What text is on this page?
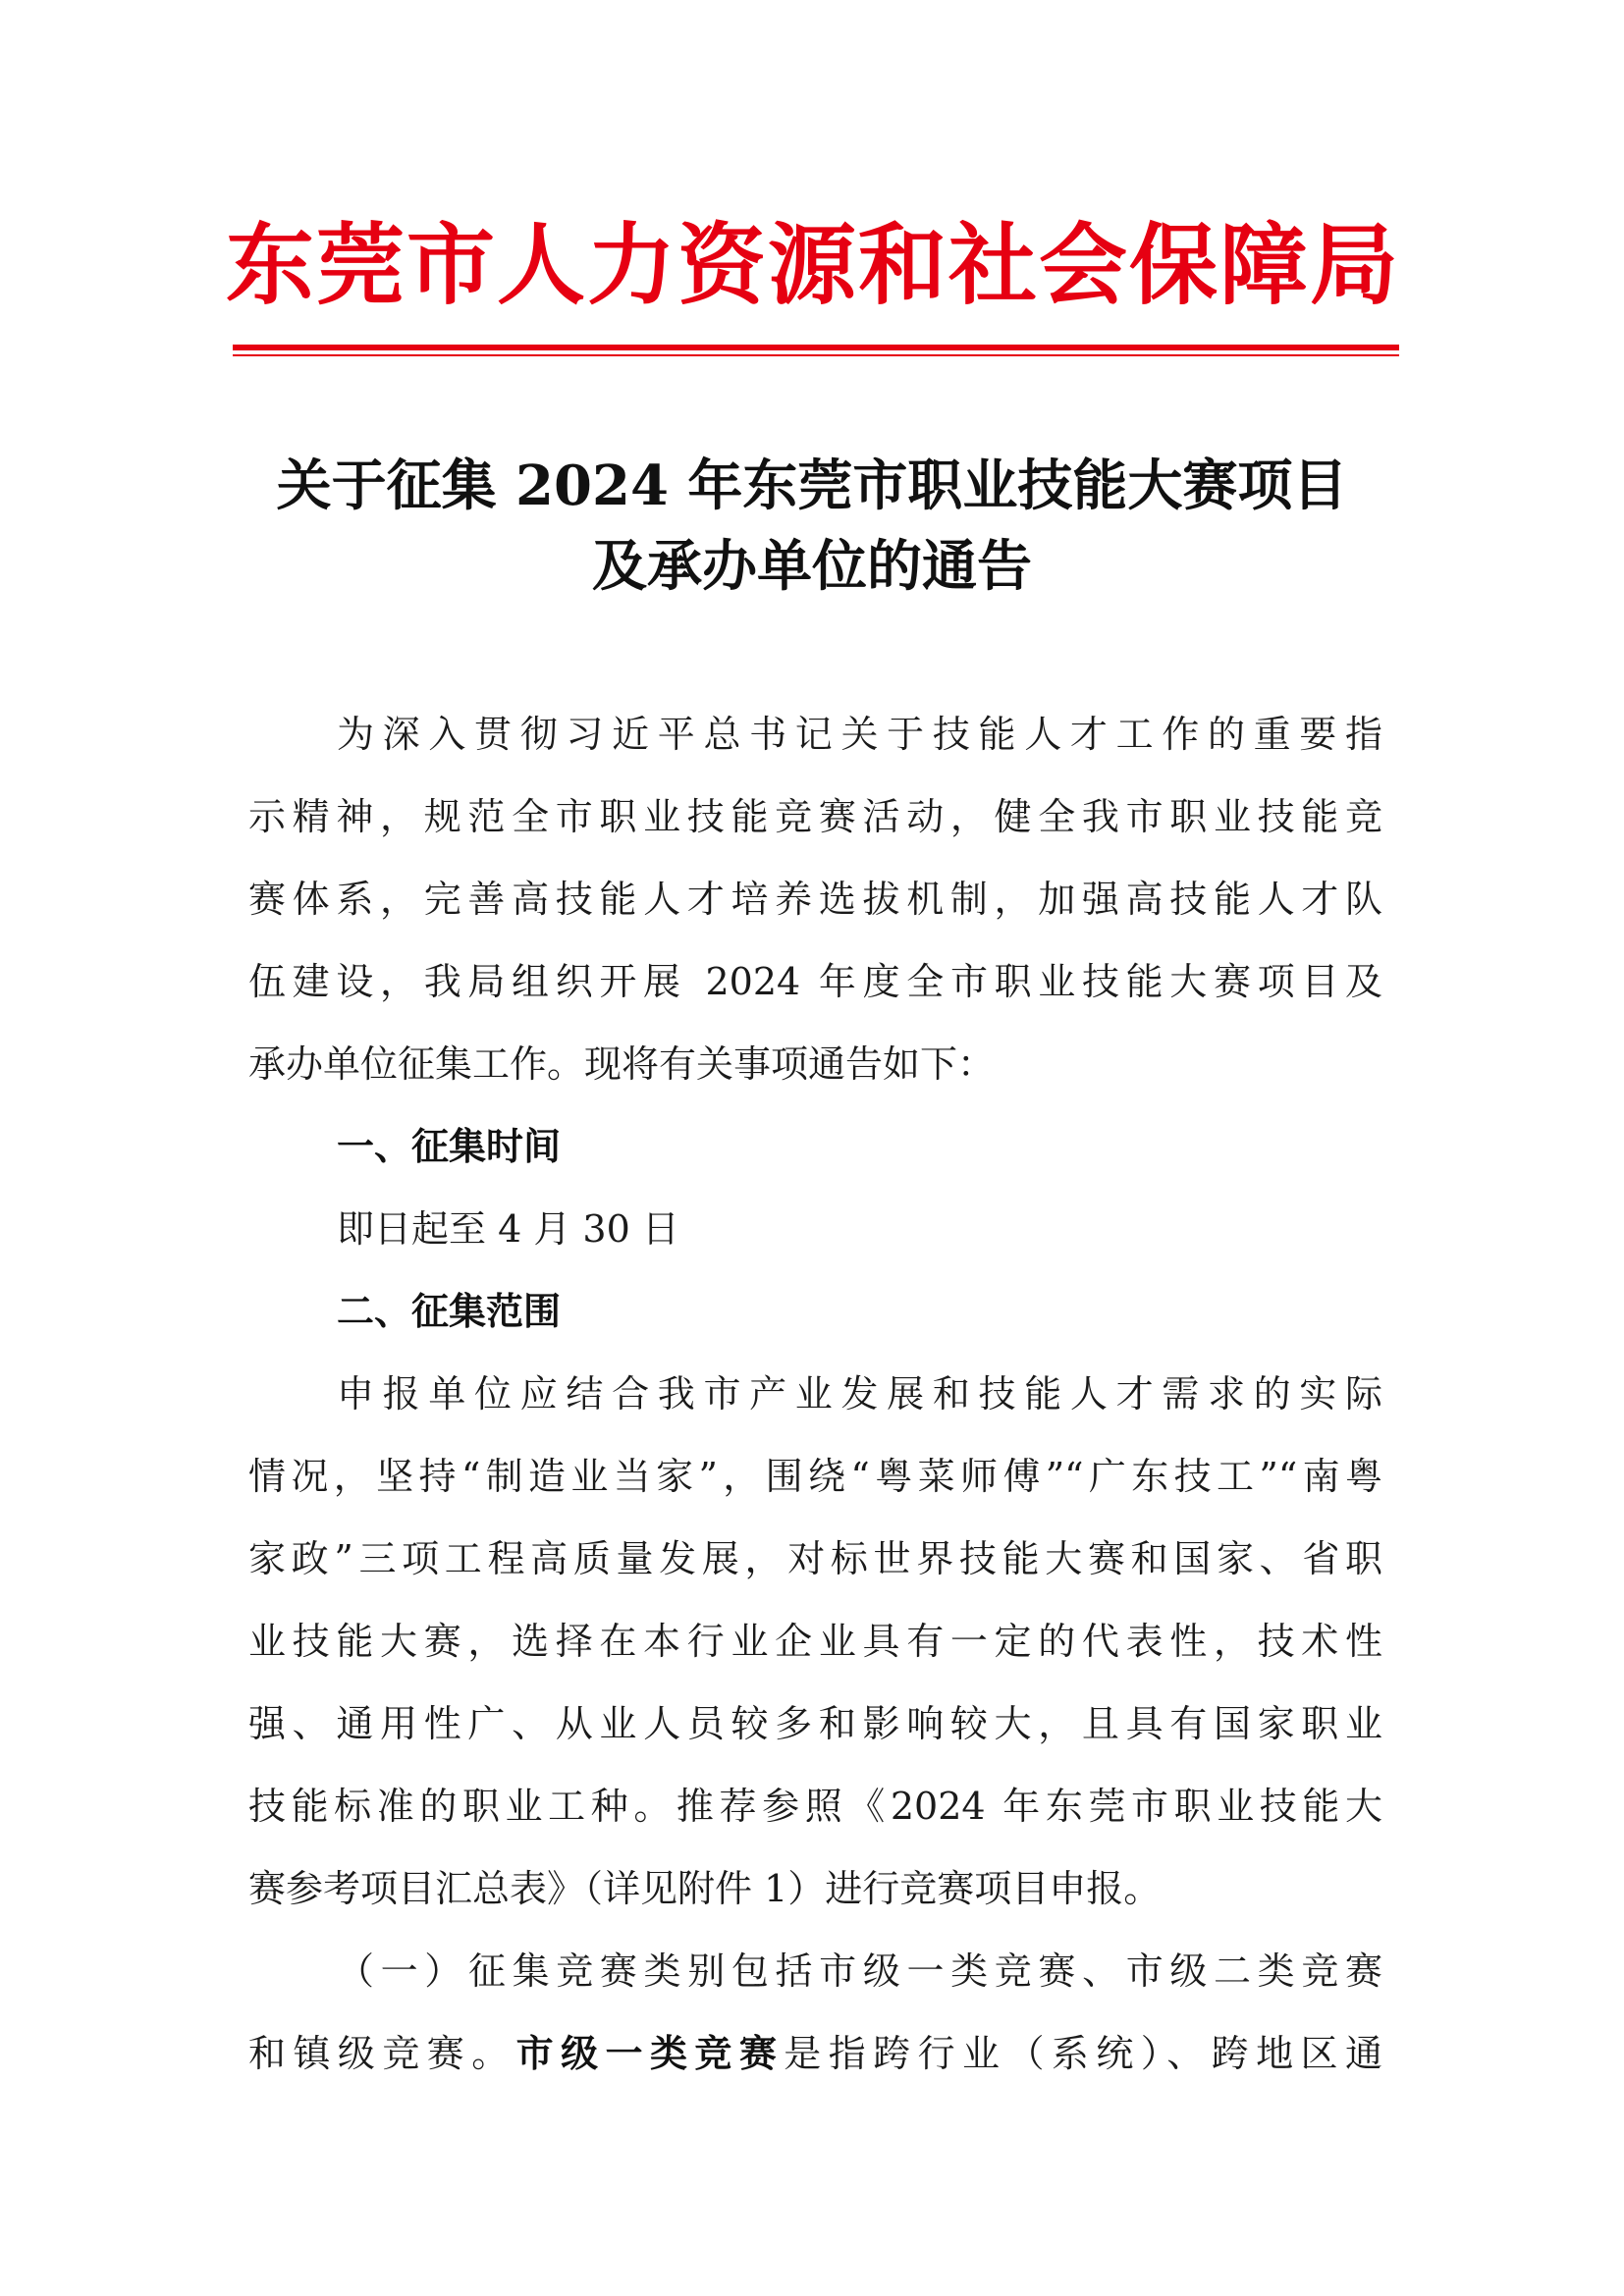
东莞市人力资源和社会保障局
关于征集 2024 年东莞市职业技能大赛项目
及承办单位的通告
为深入贯彻习近平总书记关于技能人才工作的重要指
示精神，规范全市职业技能竞赛活动，健全我市职业技能竞
赛体系，完善高技能人才培养选拔机制，加强高技能人才队
伍建设，我局组织开展 2024 年度全市职业技能大赛项目及
承办单位征集工作。现将有关事项通告如下：
一、征集时间
即日起至 4 月 30 日
二、征集范围
申报单位应结合我市产业发展和技能人才需求的实际
情况，坚持“制造业当家”，围绕“粤菜师傅”“广东技工”“南粤
家政”三项工程高质量发展，对标世界技能大赛和国家、省职
业技能大赛，选择在本行业企业具有一定的代表性，技术性
强、通用性广、从业人员较多和影响较大，且具有国家职业
技能标准的职业工种。推荐参照《2024 年东莞市职业技能大
赛参考项目汇总表》（详见附件 1）进行竞赛项目申报。
（一）征集竞赛类别包括市级一类竞赛、市级二类竞赛
和镇级竞赛。市级一类竞赛是指跨行业（系统）、跨地区通
